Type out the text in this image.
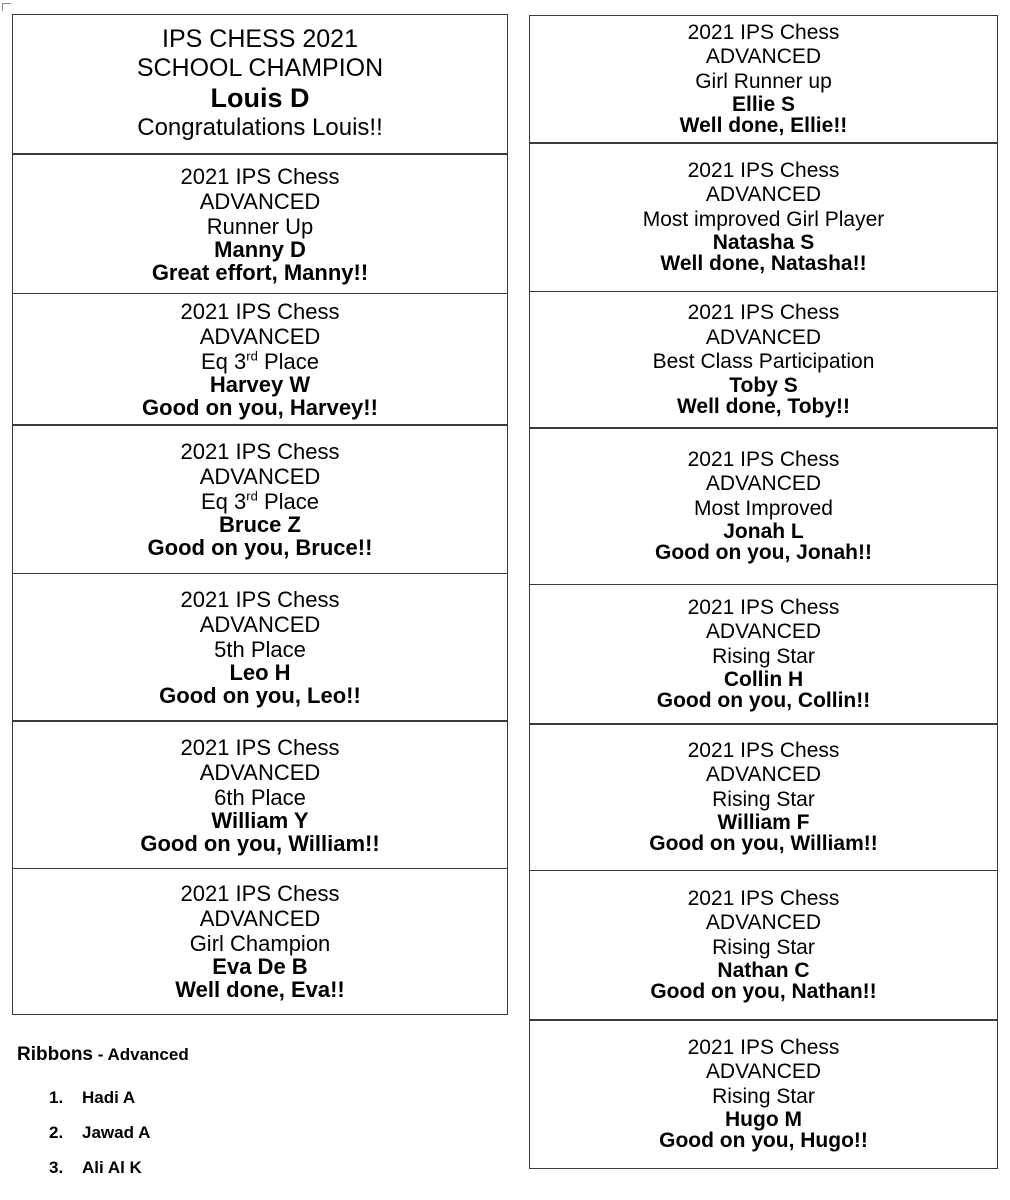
IPS CHESS 2021
SCHOOL CHAMPION
Louis D
Congratulations Louis!!
2021 IPS Chess
ADVANCED
Runner Up
Manny D
Great effort, Manny!!
2021 IPS Chess
ADVANCED
Eq 3rd Place
Harvey W
Good on you, Harvey!!
2021 IPS Chess
ADVANCED
Eq 3rd Place
Bruce Z
Good on you, Bruce!!
2021 IPS Chess
ADVANCED
5th Place
Leo H
Good on you, Leo!!
2021 IPS Chess
ADVANCED
6th Place
William Y
Good on you, William!!
2021 IPS Chess
ADVANCED
Girl Champion
Eva De B
Well done, Eva!!
2021 IPS Chess
ADVANCED
Girl Runner up
Ellie S
Well done, Ellie!!
2021 IPS Chess
ADVANCED
Most improved Girl Player
Natasha S
Well done, Natasha!!
2021 IPS Chess
ADVANCED
Best Class Participation
Toby S
Well done, Toby!!
2021 IPS Chess
ADVANCED
Most Improved
Jonah L
Good on you, Jonah!!
2021 IPS Chess
ADVANCED
Rising Star
Collin H
Good on you, Collin!!
2021 IPS Chess
ADVANCED
Rising Star
William F
Good on you, William!!
2021 IPS Chess
ADVANCED
Rising Star
Nathan C
Good on you, Nathan!!
2021 IPS Chess
ADVANCED
Rising Star
Hugo M
Good on you, Hugo!!
Ribbons - Advanced
1.	Hadi A
2.	Jawad A
3.	Ali Al K
